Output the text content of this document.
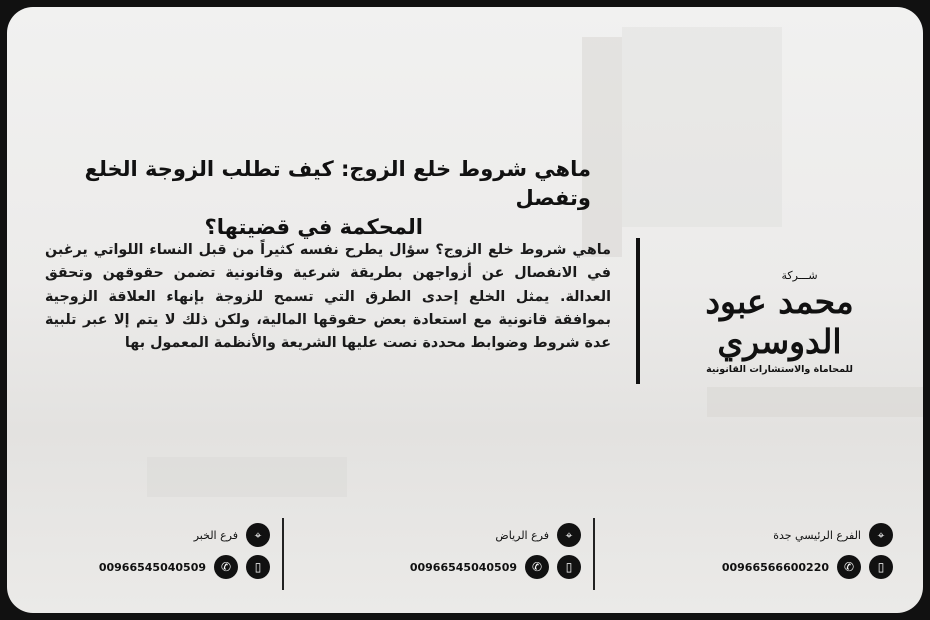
ماهي شروط خلع الزوج: كيف تطلب الزوجة الخلع وتفصل
المحكمة في قضيتها؟
ماهي شروط خلع الزوج؟ سؤال يطرح نفسه كثيراً من قبل النساء اللواتي يرغبن في الانفصال عن أزواجهن بطريقة شرعية وقانونية تضمن حقوقهن وتحقق العدالة. يمثل الخلع إحدى الطرق التي تسمح للزوجة بإنهاء العلاقة الزوجية بموافقة قانونية مع استعادة بعض حقوقها المالية، ولكن ذلك لا يتم إلا عبر تلبية عدة شروط وضوابط محددة نصت عليها الشريعة والأنظمة المعمول بها
شـــركة
محمد عبود الدوسري
للمحاماة والاستشارات القانونية
⌖
الفرع الرئيسي جدة
▯
✆
00966566600220
⌖
فرع الرياض
▯
✆
00966545040509
⌖
فرع الخبر
▯
✆
00966545040509
